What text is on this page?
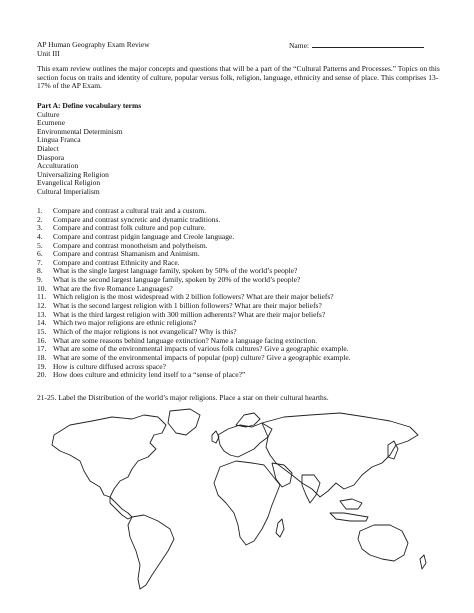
AP Human Geography Exam Review
Unit III
Name:
This exam review outlines the major concepts and questions that will be a part of the “Cultural Patterns and Processes.” Topics on this section focus on traits and identity of culture, popular versus folk, religion, language, ethnicity and sense of place. This comprises 13-17% of the AP Exam.
Part A: Define vocabulary terms
Culture
Ecumene
Environmental Determinism
Lingua Franca
Dialect
Diaspora
Acculturation
Universalizing Religion
Evangelical Religion
Cultural Imperialism
1. Compare and contrast a cultural trait and a custom.
2. Compare and contrast syncretic and dynamic traditions.
3. Compare and contrast folk culture and pop culture.
4. Compare and contrast pidgin language and Creole language.
5. Compare and contrast monotheism and polytheism.
6. Compare and contrast Shamanism and Animism.
7. Compare and contrast Ethnicity and Race.
8. What is the single largest language family, spoken by 50% of the world’s people?
9. What is the second largest language family, spoken by 20% of the world’s people?
10. What are the five Romance Languages?
11. Which religion is the most widespread with 2 billion followers? What are their major beliefs?
12. What is the second largest religion with 1 billion followers? What are their major beliefs?
13. What is the third largest religion with 300 million adherents? What are their major beliefs?
14. Which two major religions are ethnic religions?
15. Which of the major religions is not evangelical? Why is this?
16. What are some reasons behind language extinction? Name a language facing extinction.
17. What are some of the environmental impacts of various folk cultures? Give a geographic example.
18. What are some of the environmental impacts of popular (pop) culture? Give a geographic example.
19. How is culture diffused across space?
20. How does culture and ethnicity lend itself to a “sense of place?”
21-25. Label the Distribution of the world’s major religions. Place a star on their cultural hearths.
